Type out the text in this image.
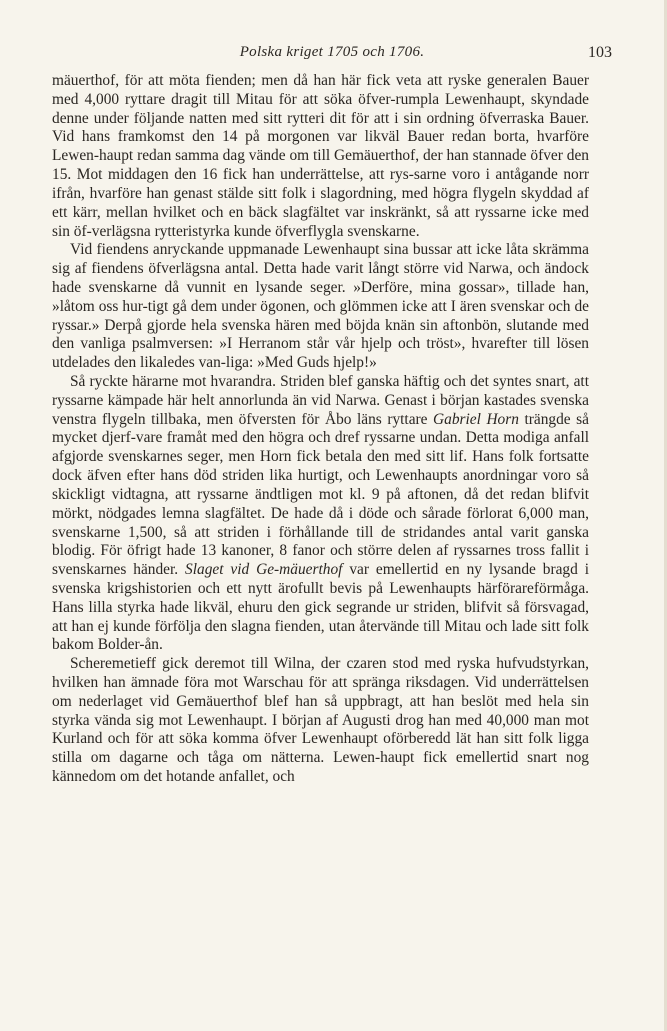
Polska kriget 1705 och 1706.	103

mäuerthof, för att möta fienden; men då han här fick veta att ryske generalen Bauer med 4,000 ryttare dragit till Mitau för att söka öfver-rumpla Lewenhaupt, skyndade denne under följande natten med sitt rytteri dit för att i sin ordning öfverraska Bauer. Vid hans framkomst den 14 på morgonen var likväl Bauer redan borta, hvarföre Lewen-haupt redan samma dag vände om till Gemäuerthof, der han stannade öfver den 15. Mot middagen den 16 fick han underrättelse, att rys-sarne voro i antågande norr ifrån, hvarföre han genast stälde sitt folk i slagordning, med högra flygeln skyddad af ett kärr, mellan hvilket och en bäck slagfältet var inskränkt, så att ryssarne icke med sin öf-verlägsna rytteristyrka kunde öfverflygla svenskarne.

Vid fiendens anryckande uppmanade Lewenhaupt sina bussar att icke låta skrämma sig af fiendens öfverlägsna antal. Detta hade varit långt större vid Narwa, och ändock hade svenskarne då vunnit en lysande seger. »Derföre, mina gossar», tillade han, »låtom oss hur-tigt gå dem under ögonen, och glömmen icke att I ären svenskar och de ryssar.» Derpå gjorde hela svenska hären med böjda knän sin aftonbön, slutande med den vanliga psalmversen: »I Herranom står vår hjelp och tröst», hvarefter till lösen utdelades den likaledes van-liga: »Med Guds hjelp!»

Så ryckte härarne mot hvarandra. Striden blef ganska häftig och det syntes snart, att ryssarne kämpade här helt annorlunda än vid Narwa. Genast i början kastades svenska venstra flygeln tillbaka, men öfversten för Åbo läns ryttare Gabriel Horn trängde så mycket djerf-vare framåt med den högra och dref ryssarne undan. Detta modiga anfall afgjorde svenskarnes seger, men Horn fick betala den med sitt lif. Hans folk fortsatte dock äfven efter hans död striden lika hurtigt, och Lewenhaupts anordningar voro så skickligt vidtagna, att ryssarne ändtligen mot kl. 9 på aftonen, då det redan blifvit mörkt, nödgades lemna slagfältet. De hade då i döde och sårade förlorat 6,000 man, svenskarne 1,500, så att striden i förhållande till de stridandes antal varit ganska blodig. För öfrigt hade 13 kanoner, 8 fanor och större delen af ryssarnes tross fallit i svenskarnes händer. Slaget vid Ge-mäuerthof var emellertid en ny lysande bragd i svenska krigshistorien och ett nytt ärofullt bevis på Lewenhaupts härförareförmåga. Hans lilla styrka hade likväl, ehuru den gick segrande ur striden, blifvit så försvagad, att han ej kunde förfölja den slagna fienden, utan återvände till Mitau och lade sitt folk bakom Bolder-ån.

Scheremetieff gick deremot till Wilna, der czaren stod med ryska hufvudstyrkan, hvilken han ämnade föra mot Warschau för att spränga riksdagen. Vid underrättelsen om nederlaget vid Gemäuerthof blef han så uppbragt, att han beslöt med hela sin styrka vända sig mot Lewenhaupt. I början af Augusti drog han med 40,000 man mot Kurland och för att söka komma öfver Lewenhaupt oförberedd lät han sitt folk ligga stilla om dagarne och tåga om nätterna. Lewen-haupt fick emellertid snart nog kännedom om det hotande anfallet, och
